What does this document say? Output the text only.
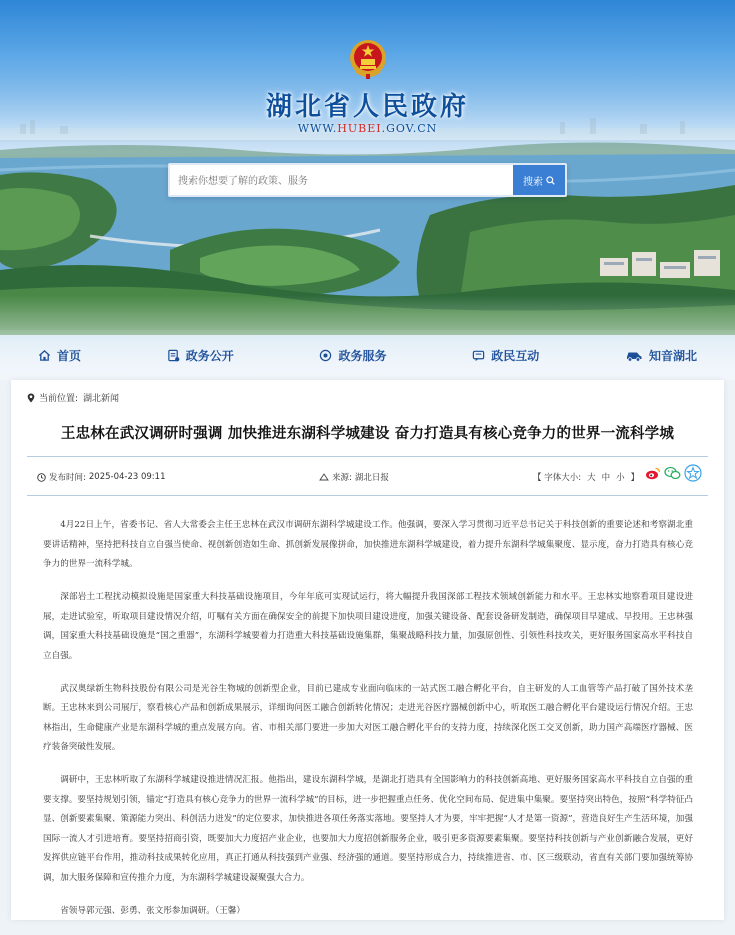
湖北省人民政府
WWW.HUBEI.GOV.CN
搜索你想要了解的政策、服务
搜索
首页	政务公开	政务服务	政民互动	知音湖北
当前位置: 湖北新闻
王忠林在武汉调研时强调 加快推进东湖科学城建设 奋力打造具有核心竞争力的世界一流科学城
发布时间: 2025-04-23 09:11	来源: 湖北日报	【 字体大小: 大 中 小 】

4月22日上午，省委书记、省人大常委会主任王忠林在武汉市调研东湖科学城建设工作。他强调，要深入学习贯彻习近平总书记关于科技创新的重要论述和考察湖北重要讲话精神，坚持把科技自立自强当使命、视创新创造如生命、抓创新发展像拼命，加快推进东湖科学城建设，着力提升东湖科学城集聚度、显示度，奋力打造具有核心竞争力的世界一流科学城。

深部岩土工程扰动模拟设施是国家重大科技基础设施项目，今年年底可实现试运行，将大幅提升我国深部工程技术领域创新能力和水平。王忠林实地察看项目建设进展，走进试验室，听取项目建设情况介绍，叮嘱有关方面在确保安全的前提下加快项目建设进度，加强关键设备、配套设备研发制造，确保项目早建成、早投用。王忠林强调，国家重大科技基础设施是“国之重器”，东湖科学城要着力打造重大科技基础设施集群，集聚战略科技力量，加强原创性、引领性科技攻关，更好服务国家高水平科技自立自强。

武汉奥绿新生物科技股份有限公司是光谷生物城的创新型企业，目前已建成专业面向临床的一站式医工融合孵化平台，自主研发的人工血管等产品打破了国外技术垄断。王忠林来到公司展厅，察看核心产品和创新成果展示，详细询问医工融合创新转化情况；走进光谷医疗器械创新中心，听取医工融合孵化平台建设运行情况介绍。王忠林指出，生命健康产业是东湖科学城的重点发展方向。省、市相关部门要进一步加大对医工融合孵化平台的支持力度，持续深化医工交叉创新，助力国产高端医疗器械、医疗装备突破性发展。

调研中，王忠林听取了东湖科学城建设推进情况汇报。他指出，建设东湖科学城，是湖北打造具有全国影响力的科技创新高地、更好服务国家高水平科技自立自强的重要支撑。要坚持规划引领，锚定“打造具有核心竞争力的世界一流科学城”的目标，进一步把握重点任务、优化空间布局、促进集中集聚。要坚持突出特色，按照“科学特征凸显、创新要素集聚、策源能力突出、科创活力迸发”的定位要求，加快推进各项任务落实落地。要坚持人才为要，牢牢把握“人才是第一资源”，营造良好生产生活环境，加强国际一流人才引进培育。要坚持招商引资，既要加大力度招产业企业，也要加大力度招创新服务企业，吸引更多资源要素集聚。要坚持科技创新与产业创新融合发展，更好发挥供应链平台作用，推动科技成果转化应用，真正打通从科技强到产业强、经济强的通道。要坚持形成合力，持续推进省、市、区三级联动，省直有关部门要加强统筹协调，加大服务保障和宣传推介力度，为东湖科学城建设凝聚强大合力。

省领导郭元强、彭勇、张文彤参加调研。（王馨）
